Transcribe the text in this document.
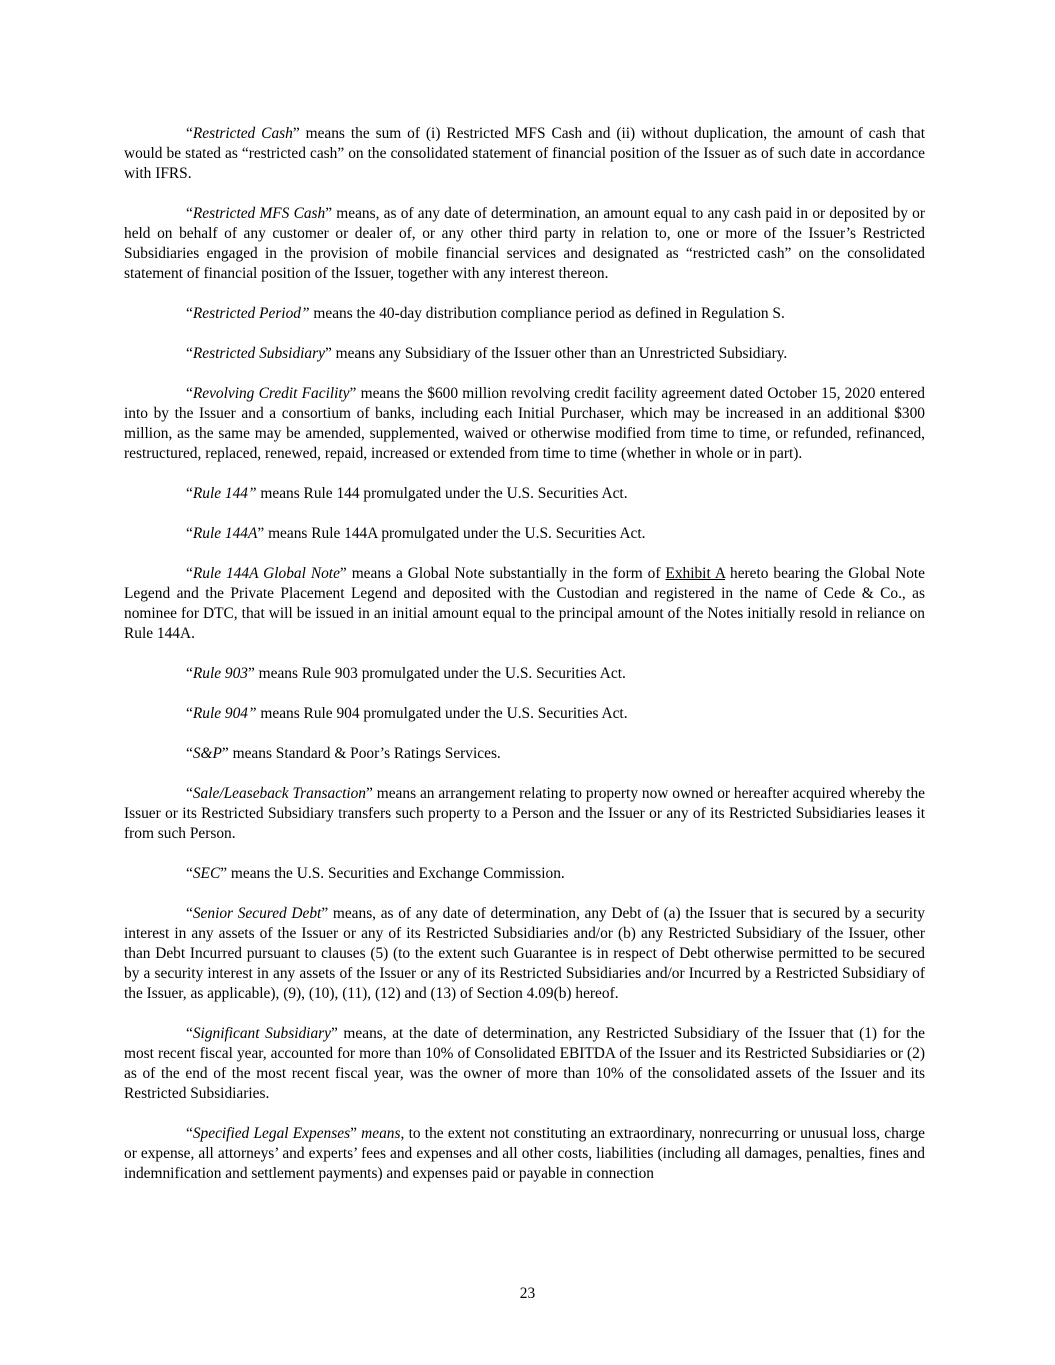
“Restricted Cash” means the sum of (i) Restricted MFS Cash and (ii) without duplication, the amount of cash that would be stated as “restricted cash” on the consolidated statement of financial position of the Issuer as of such date in accordance with IFRS.

“Restricted MFS Cash” means, as of any date of determination, an amount equal to any cash paid in or deposited by or held on behalf of any customer or dealer of, or any other third party in relation to, one or more of the Issuer’s Restricted Subsidiaries engaged in the provision of mobile financial services and designated as “restricted cash” on the consolidated statement of financial position of the Issuer, together with any interest thereon.

“Restricted Period” means the 40-day distribution compliance period as defined in Regulation S.

“Restricted Subsidiary” means any Subsidiary of the Issuer other than an Unrestricted Subsidiary.

“Revolving Credit Facility” means the $600 million revolving credit facility agreement dated October 15, 2020 entered into by the Issuer and a consortium of banks, including each Initial Purchaser, which may be increased in an additional $300 million, as the same may be amended, supplemented, waived or otherwise modified from time to time, or refunded, refinanced, restructured, replaced, renewed, repaid, increased or extended from time to time (whether in whole or in part).

“Rule 144” means Rule 144 promulgated under the U.S. Securities Act.

“Rule 144A” means Rule 144A promulgated under the U.S. Securities Act.

“Rule 144A Global Note” means a Global Note substantially in the form of Exhibit A hereto bearing the Global Note Legend and the Private Placement Legend and deposited with the Custodian and registered in the name of Cede & Co., as nominee for DTC, that will be issued in an initial amount equal to the principal amount of the Notes initially resold in reliance on Rule 144A.

“Rule 903” means Rule 903 promulgated under the U.S. Securities Act.

“Rule 904” means Rule 904 promulgated under the U.S. Securities Act.

“S&P” means Standard & Poor’s Ratings Services.

“Sale/Leaseback Transaction” means an arrangement relating to property now owned or hereafter acquired whereby the Issuer or its Restricted Subsidiary transfers such property to a Person and the Issuer or any of its Restricted Subsidiaries leases it from such Person.

“SEC” means the U.S. Securities and Exchange Commission.

“Senior Secured Debt” means, as of any date of determination, any Debt of (a) the Issuer that is secured by a security interest in any assets of the Issuer or any of its Restricted Subsidiaries and/or (b) any Restricted Subsidiary of the Issuer, other than Debt Incurred pursuant to clauses (5) (to the extent such Guarantee is in respect of Debt otherwise permitted to be secured by a security interest in any assets of the Issuer or any of its Restricted Subsidiaries and/or Incurred by a Restricted Subsidiary of the Issuer, as applicable), (9), (10), (11), (12) and (13) of Section 4.09(b) hereof.

“Significant Subsidiary” means, at the date of determination, any Restricted Subsidiary of the Issuer that (1) for the most recent fiscal year, accounted for more than 10% of Consolidated EBITDA of the Issuer and its Restricted Subsidiaries or (2) as of the end of the most recent fiscal year, was the owner of more than 10% of the consolidated assets of the Issuer and its Restricted Subsidiaries.

“Specified Legal Expenses” means, to the extent not constituting an extraordinary, nonrecurring or unusual loss, charge or expense, all attorneys’ and experts’ fees and expenses and all other costs, liabilities (including all damages, penalties, fines and indemnification and settlement payments) and expenses paid or payable in connection

23
